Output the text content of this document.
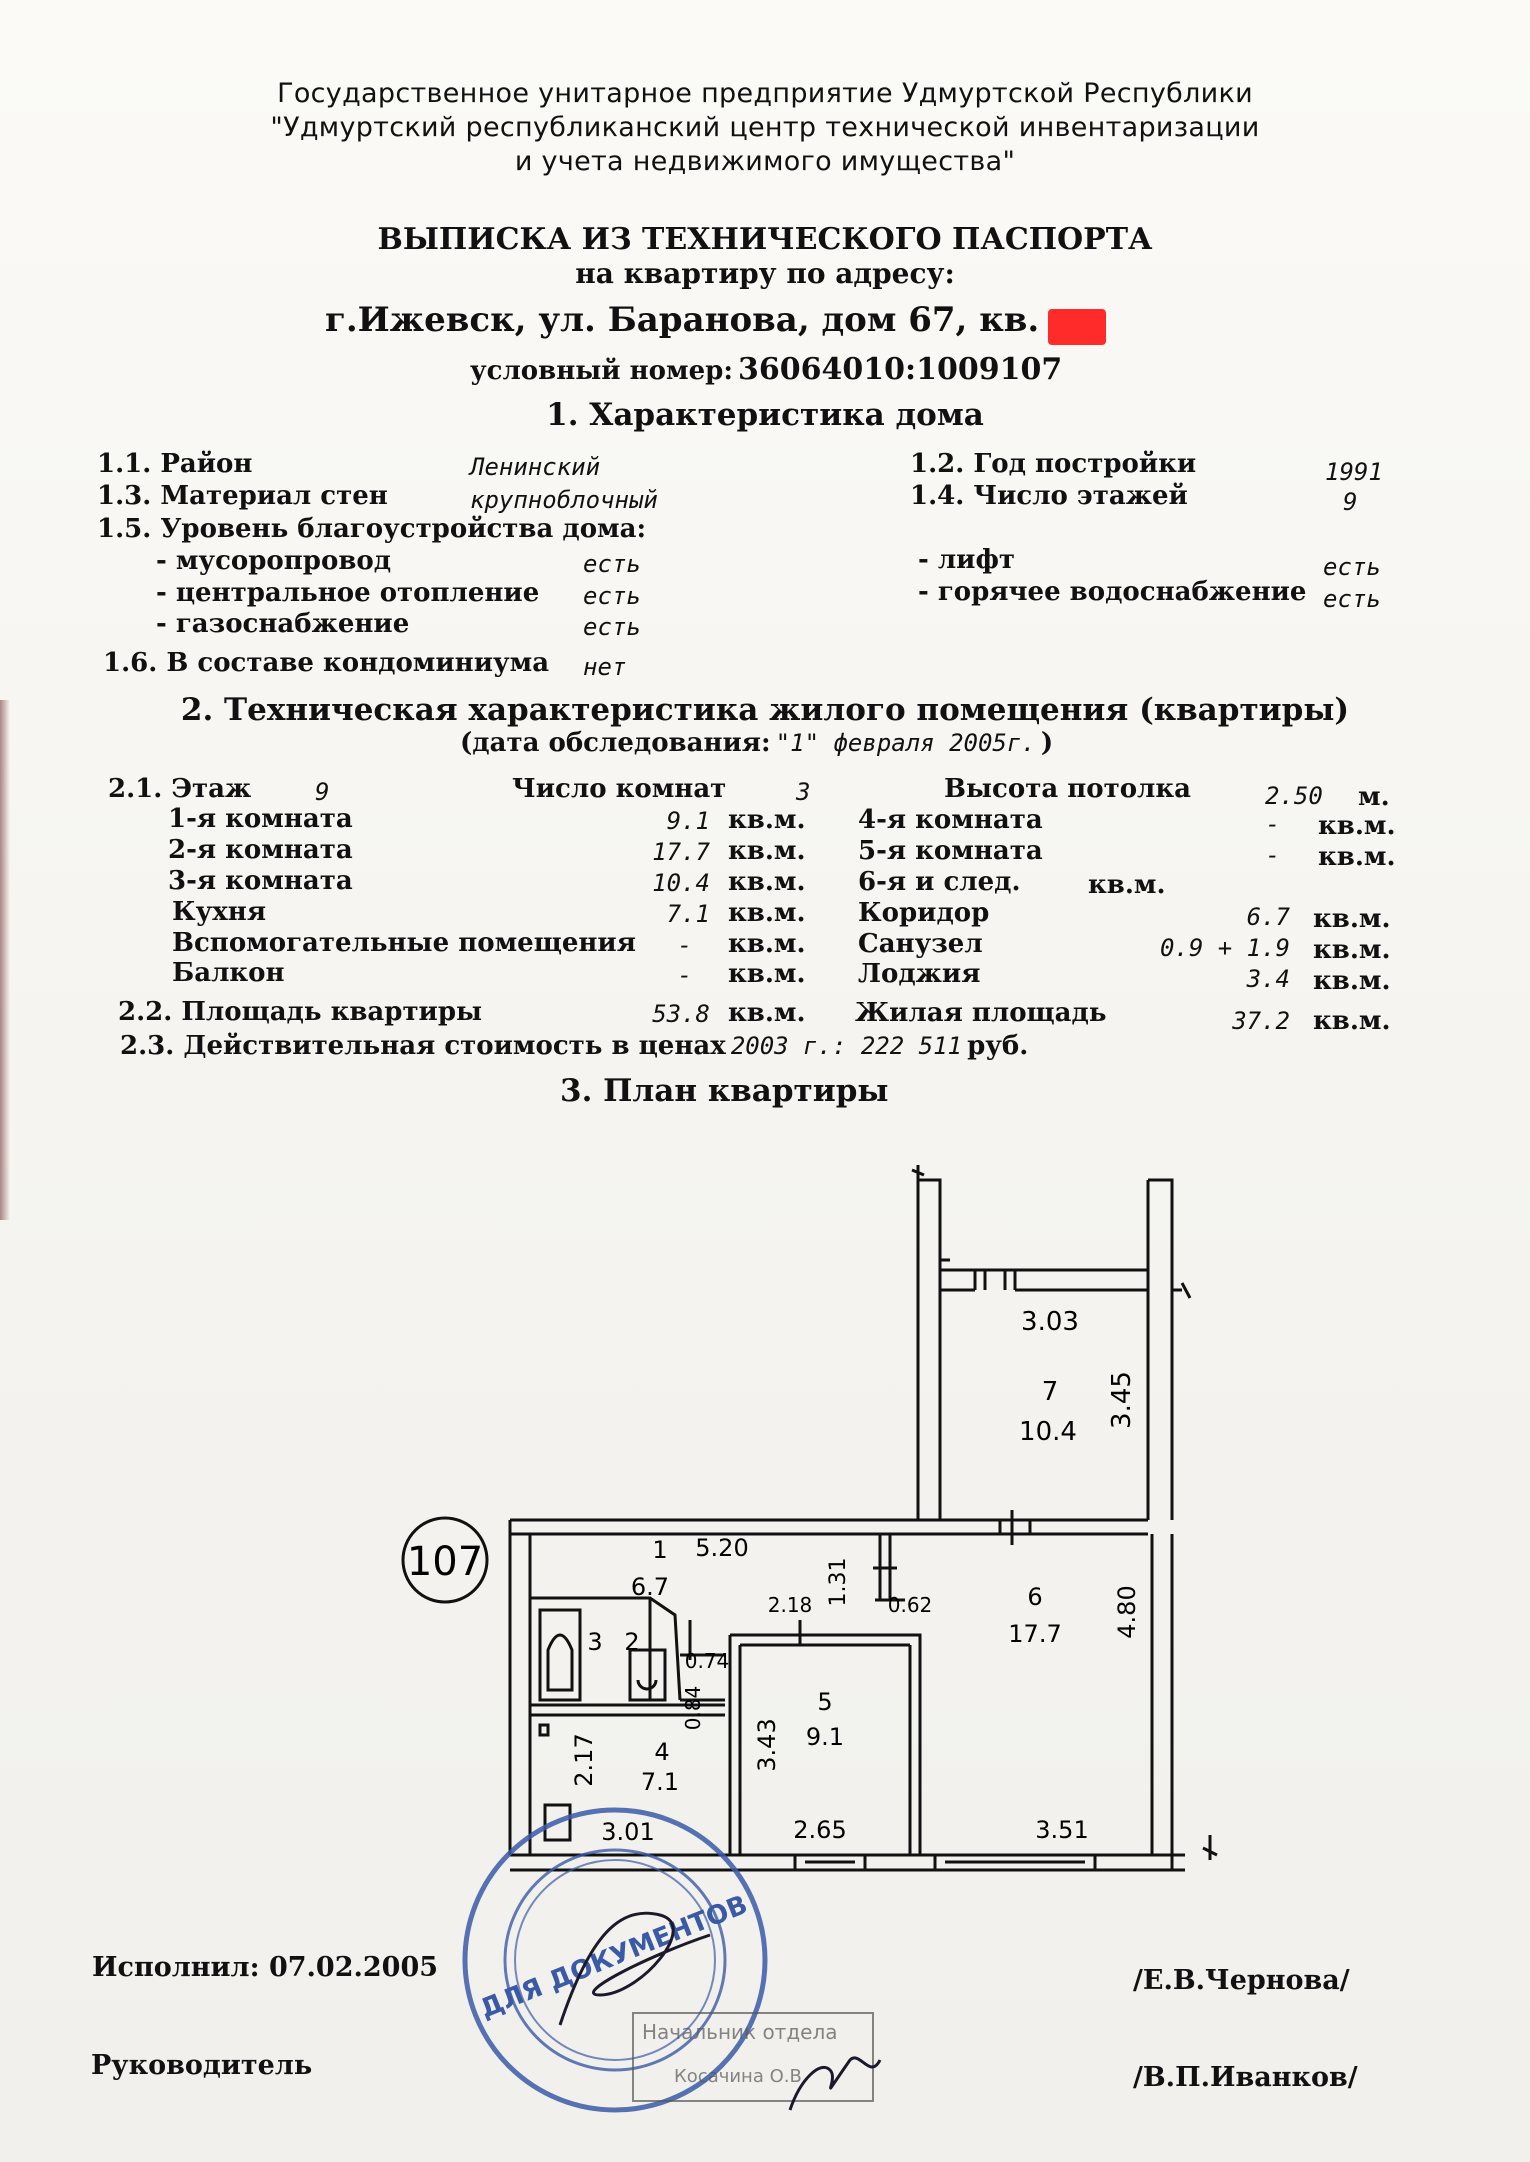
Государственное унитарное предприятие Удмуртской Республики
"Удмуртский республиканский центр технической инвентаризации
и учета недвижимого имущества"
ВЫПИСКА ИЗ ТЕХНИЧЕСКОГО ПАСПОРТА
на квартиру по адресу:
г.Ижевск, ул. Баранова, дом 67, кв. 10
условный номер: 36064010:1009107
1. Характеристика дома
1.1. Район	Ленинский	1.2. Год постройки	1991
1.3. Материал стен	крупноблочный	1.4. Число этажей	9
1.5. Уровень благоустройства дома:
- мусоропровод	есть	- лифт	есть
- центральное отопление есть	- горячее водоснабжение есть
- газоснабжение	есть
1.6. В составе кондоминиума нет
2. Техническая характеристика жилого помещения (квартиры)
(дата обследования: "1" февраля 2005г. )
2.1. Этаж	9	Число комнат	3	Высота потолка	2.50 м.
1-я комната	9.1 кв.м.
2-я комната	17.7 кв.м.
3-я комната	10.4 кв.м.
Кухня	7.1 кв.м.
Вспомогательные помещения	- кв.м.
Балкон	- кв.м.
4-я комната	- кв.м.
5-я комната	- кв.м.
6-я и след.	кв.м.
Коридор	6.7 кв.м.
Санузел	0.9 + 1.9 кв.м.
Лоджия	3.4 кв.м.
2.2. Площадь квартиры	53.8 кв.м. Жилая площадь	37.2 кв.м.
2.3. Действительная стоимость в ценах 2003 г.: 222 511 руб.
3. План квартиры
107
3.03
7
10.4
3.45
1
6.7
5.20
1.31
2.18	0.62
0.74
0.84
3 2
4
7.1
2.17
3.01
5
9.1
3.43
2.65
6
17.7 4.80
3.51
ДЛЯ ДОКУМЕНТОВ
Начальник отдела
Косачина О.В.
Исполнил: 07.02.2005	/Е.В.Чернова/
Руководитель	/В.П.Иванков/
